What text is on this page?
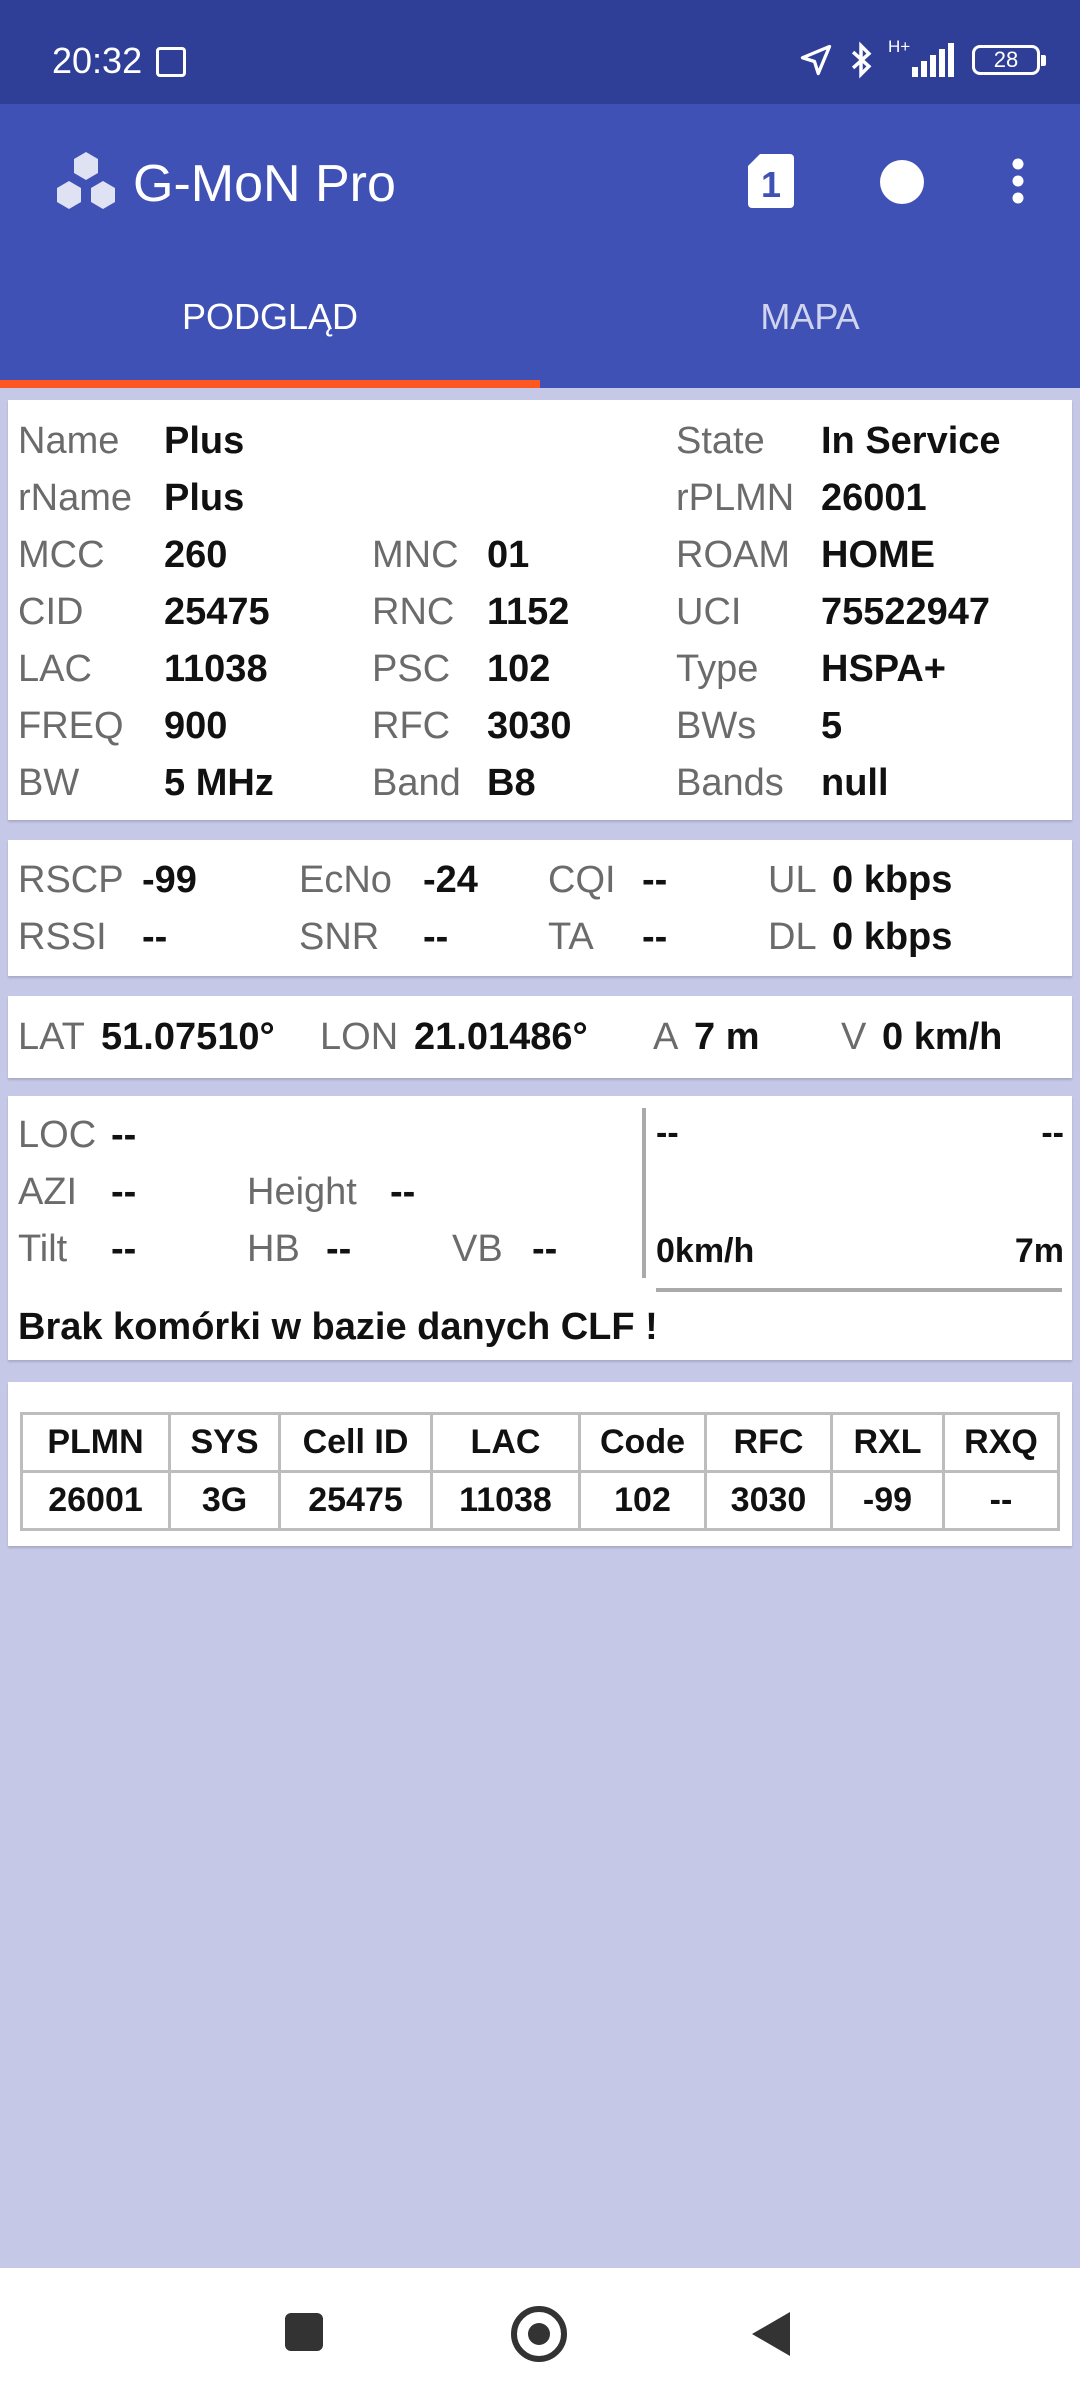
20:32	H+
28
G-MoN Pro	1
PODGLĄD	MAPA
Name Plus	State In Service
rName Plus	rPLMN 26001
MCC 260	MNC 01	ROAM HOME
CID 25475	RNC 1152	UCI 75522947
LAC 11038	PSC 102	Type HSPA+
FREQ 900	RFC 3030	BWs 5
BW 5 MHz	Band B8	Bands null
RSCP -99	EcNo -24 CQI --	UL 0 kbps
RSSI --	SNR --	TA --	DL 0 kbps
LAT 51.07510° LON 21.01486° A 7 m V 0 km/h
LOC --
AZI --	Height --
Tilt --	HB --	VB --
--	--
0km/h	7m
Brak komórki w bazie danych CLF !
PLMN	SYS	Cell ID	LAC	Code	RFC	RXL	RXQ
26001	3G	25475	11038	102	3030	-99	--
